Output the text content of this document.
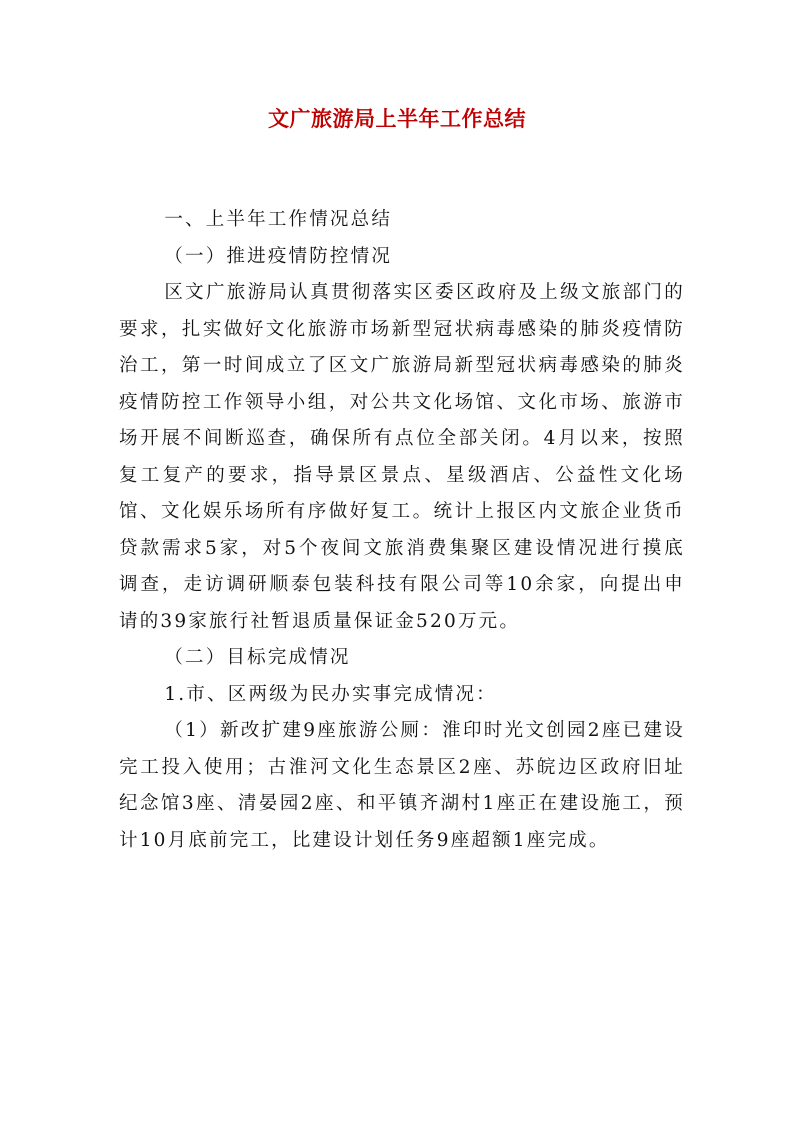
文广旅游局上半年工作总结

一、上半年工作情况总结

（一）推进疫情防控情况

区文广旅游局认真贯彻落实区委区政府及上级文旅部门的要求，扎实做好文化旅游市场新型冠状病毒感染的肺炎疫情防治工，第一时间成立了区文广旅游局新型冠状病毒感染的肺炎疫情防控工作领导小组，对公共文化场馆、文化市场、旅游市场开展不间断巡查，确保所有点位全部关闭。4月以来，按照复工复产的要求，指导景区景点、星级酒店、公益性文化场馆、文化娱乐场所有序做好复工。统计上报区内文旅企业货币贷款需求5家，对5个夜间文旅消费集聚区建设情况进行摸底调查，走访调研顺泰包装科技有限公司等10余家，向提出申请的39家旅行社暂退质量保证金520万元。

（二）目标完成情况

1.市、区两级为民办实事完成情况：

（1）新改扩建9座旅游公厕：淮印时光文创园2座已建设完工投入使用；古淮河文化生态景区2座、苏皖边区政府旧址纪念馆3座、清晏园2座、和平镇齐湖村1座正在建设施工，预计10月底前完工，比建设计划任务9座超额1座完成。
